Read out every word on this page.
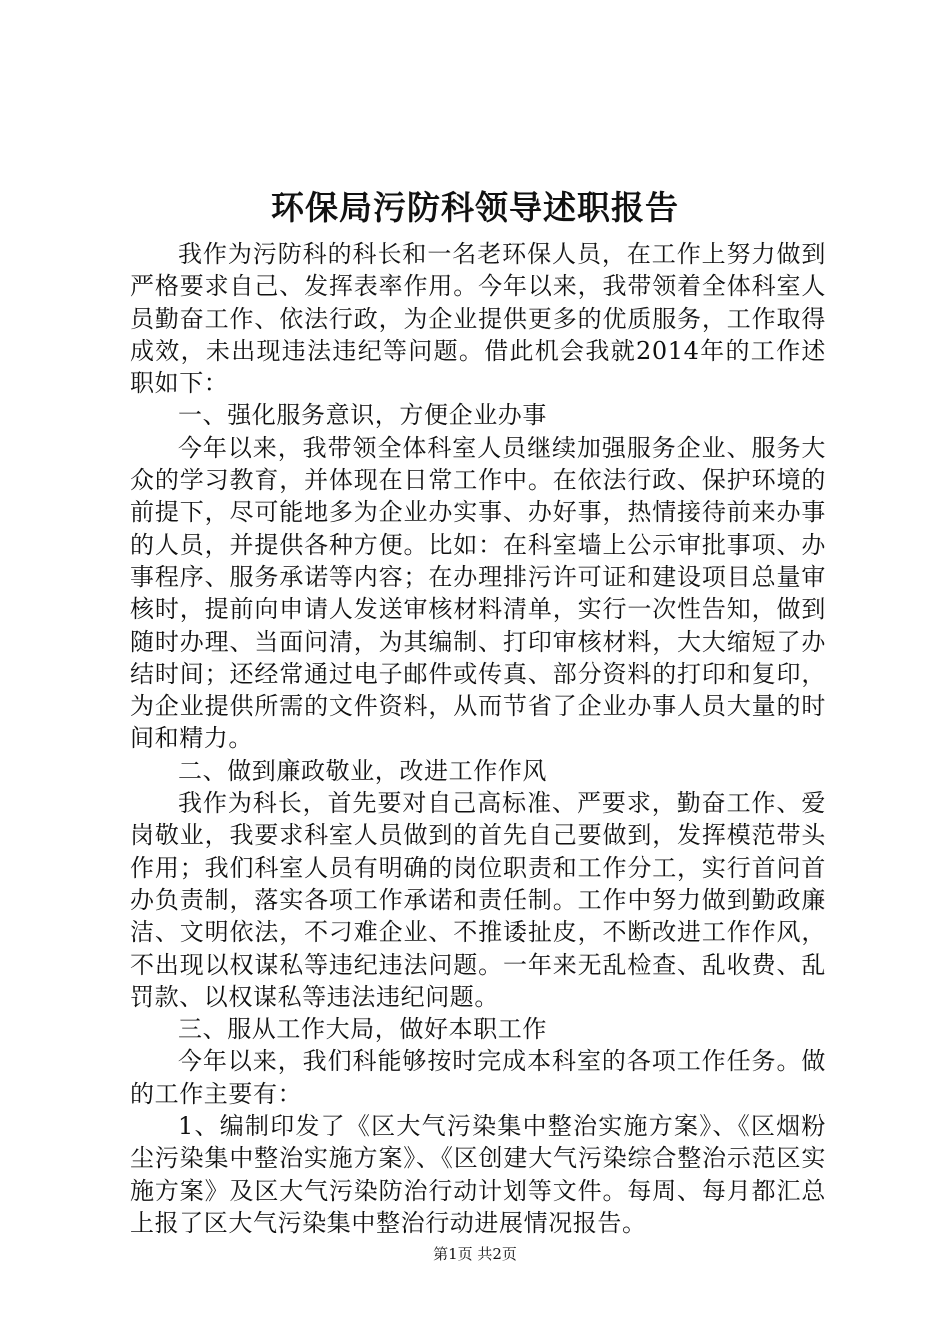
环保局污防科领导述职报告

我作为污防科的科长和一名老环保人员，在工作上努力做到严格要求自己、发挥表率作用。今年以来，我带领着全体科室人员勤奋工作、依法行政，为企业提供更多的优质服务，工作取得成效，未出现违法违纪等问题。借此机会我就2014年的工作述职如下：

一、强化服务意识，方便企业办事

今年以来，我带领全体科室人员继续加强服务企业、服务大众的学习教育，并体现在日常工作中。在依法行政、保护环境的前提下，尽可能地多为企业办实事、办好事，热情接待前来办事的人员，并提供各种方便。比如：在科室墙上公示审批事项、办事程序、服务承诺等内容；在办理排污许可证和建设项目总量审核时，提前向申请人发送审核材料清单，实行一次性告知，做到随时办理、当面问清，为其编制、打印审核材料，大大缩短了办结时间；还经常通过电子邮件或传真、部分资料的打印和复印，为企业提供所需的文件资料，从而节省了企业办事人员大量的时间和精力。

二、做到廉政敬业，改进工作作风

我作为科长，首先要对自己高标准、严要求，勤奋工作、爱岗敬业，我要求科室人员做到的首先自己要做到，发挥模范带头作用；我们科室人员有明确的岗位职责和工作分工，实行首问首办负责制，落实各项工作承诺和责任制。工作中努力做到勤政廉洁、文明依法，不刁难企业、不推诿扯皮，不断改进工作作风，不出现以权谋私等违纪违法问题。一年来无乱检查、乱收费、乱罚款、以权谋私等违法违纪问题。

三、服从工作大局，做好本职工作

今年以来，我们科能够按时完成本科室的各项工作任务。做的工作主要有：

1、编制印发了《区大气污染集中整治实施方案》、《区烟粉尘污染集中整治实施方案》、《区创建大气污染综合整治示范区实施方案》及区大气污染防治行动计划等文件。每周、每月都汇总上报了区大气污染集中整治行动进展情况报告。

第1页 共2页
